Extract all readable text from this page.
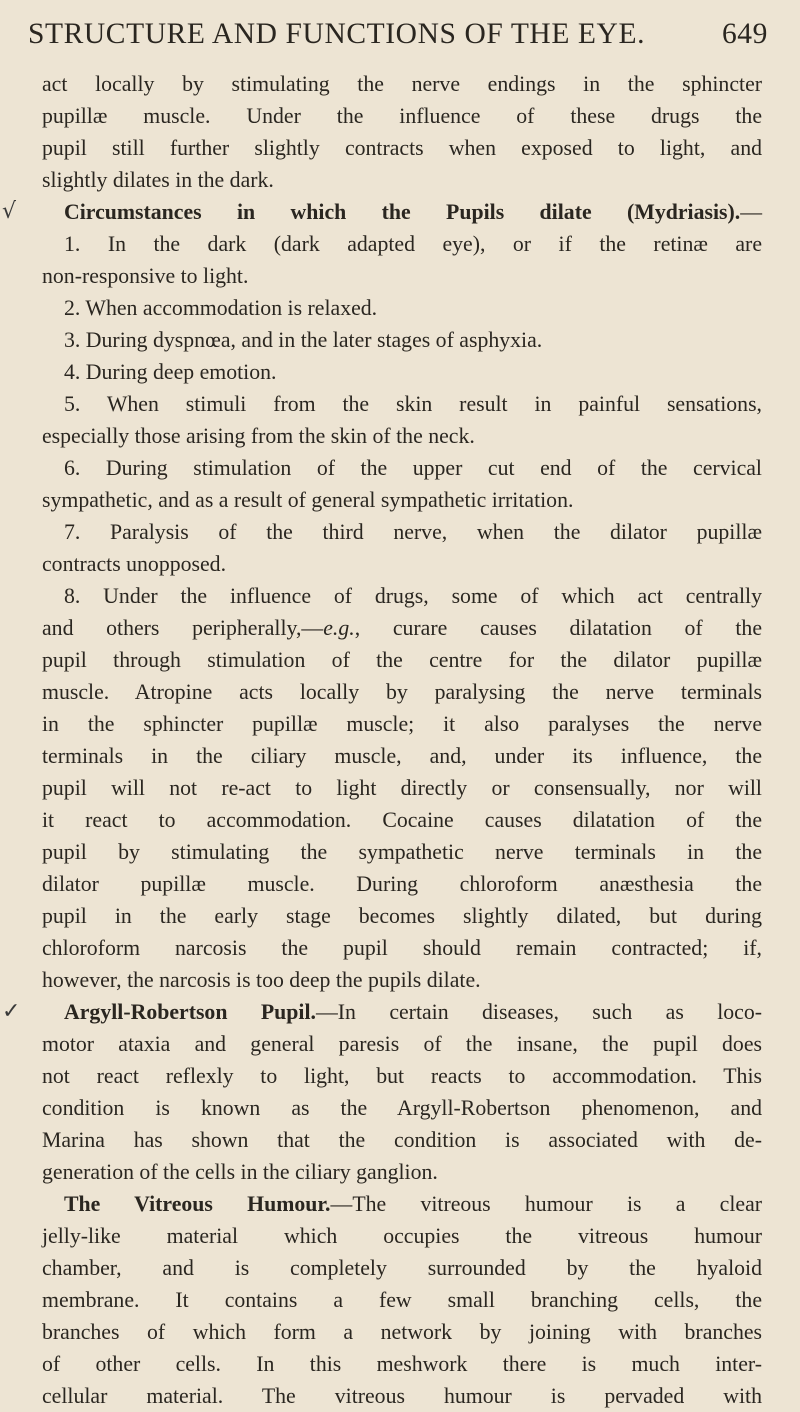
STRUCTURE AND FUNCTIONS OF THE EYE.	649
act locally by stimulating the nerve endings in the sphincter
pupillæ muscle. Under the influence of these drugs the
pupil still further slightly contracts when exposed to light, and
slightly dilates in the dark.
√ Circumstances in which the Pupils dilate (Mydriasis).—
1. In the dark (dark adapted eye), or if the retinæ are
non-responsive to light.
2. When accommodation is relaxed.
3. During dyspnœa, and in the later stages of asphyxia.
4. During deep emotion.
5. When stimuli from the skin result in painful sensations,
especially those arising from the skin of the neck.
6. During stimulation of the upper cut end of the cervical
sympathetic, and as a result of general sympathetic irritation.
7. Paralysis of the third nerve, when the dilator pupillæ
contracts unopposed.
8. Under the influence of drugs, some of which act centrally
and others peripherally,—e.g., curare causes dilatation of the
pupil through stimulation of the centre for the dilator pupillæ
muscle. Atropine acts locally by paralysing the nerve terminals
in the sphincter pupillæ muscle; it also paralyses the nerve
terminals in the ciliary muscle, and, under its influence, the
pupil will not re-act to light directly or consensually, nor will
it react to accommodation. Cocaine causes dilatation of the
pupil by stimulating the sympathetic nerve terminals in the
dilator pupillæ muscle. During chloroform anæsthesia the
pupil in the early stage becomes slightly dilated, but during
chloroform narcosis the pupil should remain contracted; if,
however, the narcosis is too deep the pupils dilate.
✓ Argyll-Robertson Pupil.—In certain diseases, such as loco-
motor ataxia and general paresis of the insane, the pupil does
not react reflexly to light, but reacts to accommodation. This
condition is known as the Argyll-Robertson phenomenon, and
Marina has shown that the condition is associated with de-
generation of the cells in the ciliary ganglion.
The Vitreous Humour.—The vitreous humour is a clear
jelly-like material which occupies the vitreous humour
chamber, and is completely surrounded by the hyaloid
membrane. It contains a few small branching cells, the
branches of which form a network by joining with branches
of other cells. In this meshwork there is much inter-
cellular material. The vitreous humour is pervaded with
